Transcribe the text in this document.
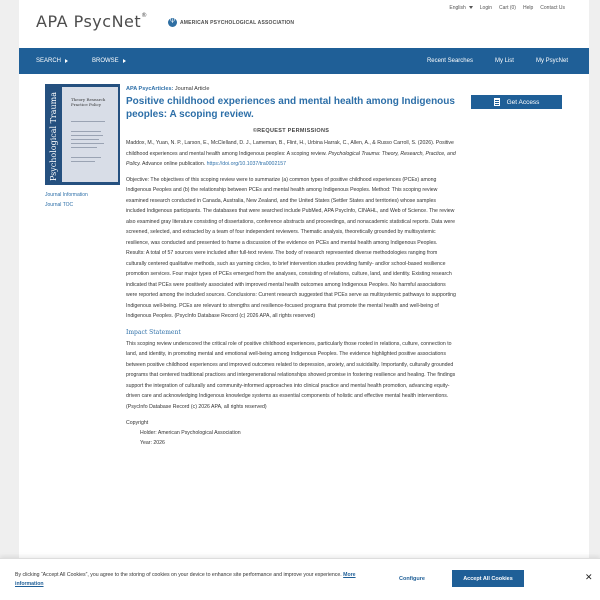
APA PsycNet®
Ψ	AMERICAN PSYCHOLOGICAL ASSOCIATION
English	Login Cart (0) Help Contact Us
SEARCH	BROWSE	Recent Searches	My List	My PsycNet
Psychological Trauma	Theory Research Practice Policy
Journal Information
Journal TOC
APA PsycArticles: Journal Article
Positive childhood experiences and mental health among Indigenous peoples: A scoping review.
©REQUEST PERMISSIONS
Maddox, M., Yuan, N. P., Larson, E., McClelland, D. J., Lameman, B., Flint, H., Urbina Harrak, C., Allen, A., & Russo Carroll, S. (2026). Positive childhood experiences and mental health among Indigenous peoples: A scoping review. Psychological Trauma: Theory, Research, Practice, and Policy. Advance online publication. https://doi.org/10.1037/tra0002157
Objective: The objectives of this scoping review were to summarize (a) common types of positive childhood experiences (PCEs) among Indigenous Peoples and (b) the relationship between PCEs and mental health among Indigenous Peoples. Method: This scoping review examined research conducted in Canada, Australia, New Zealand, and the United States (Settler States and territories) whose samples included Indigenous participants. The databases that were searched include PubMed, APA PsycInfo, CINAHL, and Web of Science. The review also examined gray literature consisting of dissertations, conference abstracts and proceedings, and nonacademic statistical reports. Data were screened, selected, and extracted by a team of four independent reviewers. Thematic analysis, theoretically grounded by multisystemic resilience, was conducted and presented to frame a discussion of the evidence on PCEs and mental health among Indigenous Peoples. Results: A total of 57 sources were included after full-text review. The body of research represented diverse methodologies ranging from culturally centered qualitative methods, such as yarning circles, to brief intervention studies providing family- and/or school-based resilience promotion services. Four major types of PCEs emerged from the analyses, consisting of relations, culture, land, and identity. Existing research indicated that PCEs were positively associated with improved mental health outcomes among Indigenous Peoples. No harmful associations were reported among the included sources. Conclusions: Current research suggested that PCEs serve as multisystemic pathways to supporting Indigenous well-being. PCEs are relevant to strengths and resilience-focused programs that promote the mental health and well-being of Indigenous Peoples. (PsycInfo Database Record (c) 2026 APA, all rights reserved)
Impact Statement
This scoping review underscored the critical role of positive childhood experiences, particularly those rooted in relations, culture, connection to land, and identity, in promoting mental and emotional well-being among Indigenous Peoples. The evidence highlighted positive associations between positive childhood experiences and improved outcomes related to depression, anxiety, and suicidality. Importantly, culturally grounded programs that centered traditional practices and intergenerational relationships showed promise in fostering resilience and healing. The findings support the integration of culturally and community-informed approaches into clinical practice and mental health promotion, advancing equity-driven care and acknowledging Indigenous knowledge systems as essential components of holistic and effective mental health interventions. (PsycInfo Database Record (c) 2026 APA, all rights reserved)
Copyright
Holder: American Psychological Association
Year: 2026
Get Access
By clicking “Accept All Cookies”, you agree to the storing of cookies on your device to enhance site performance and improve your experience. More information
Configure	Accept All Cookies	✕
